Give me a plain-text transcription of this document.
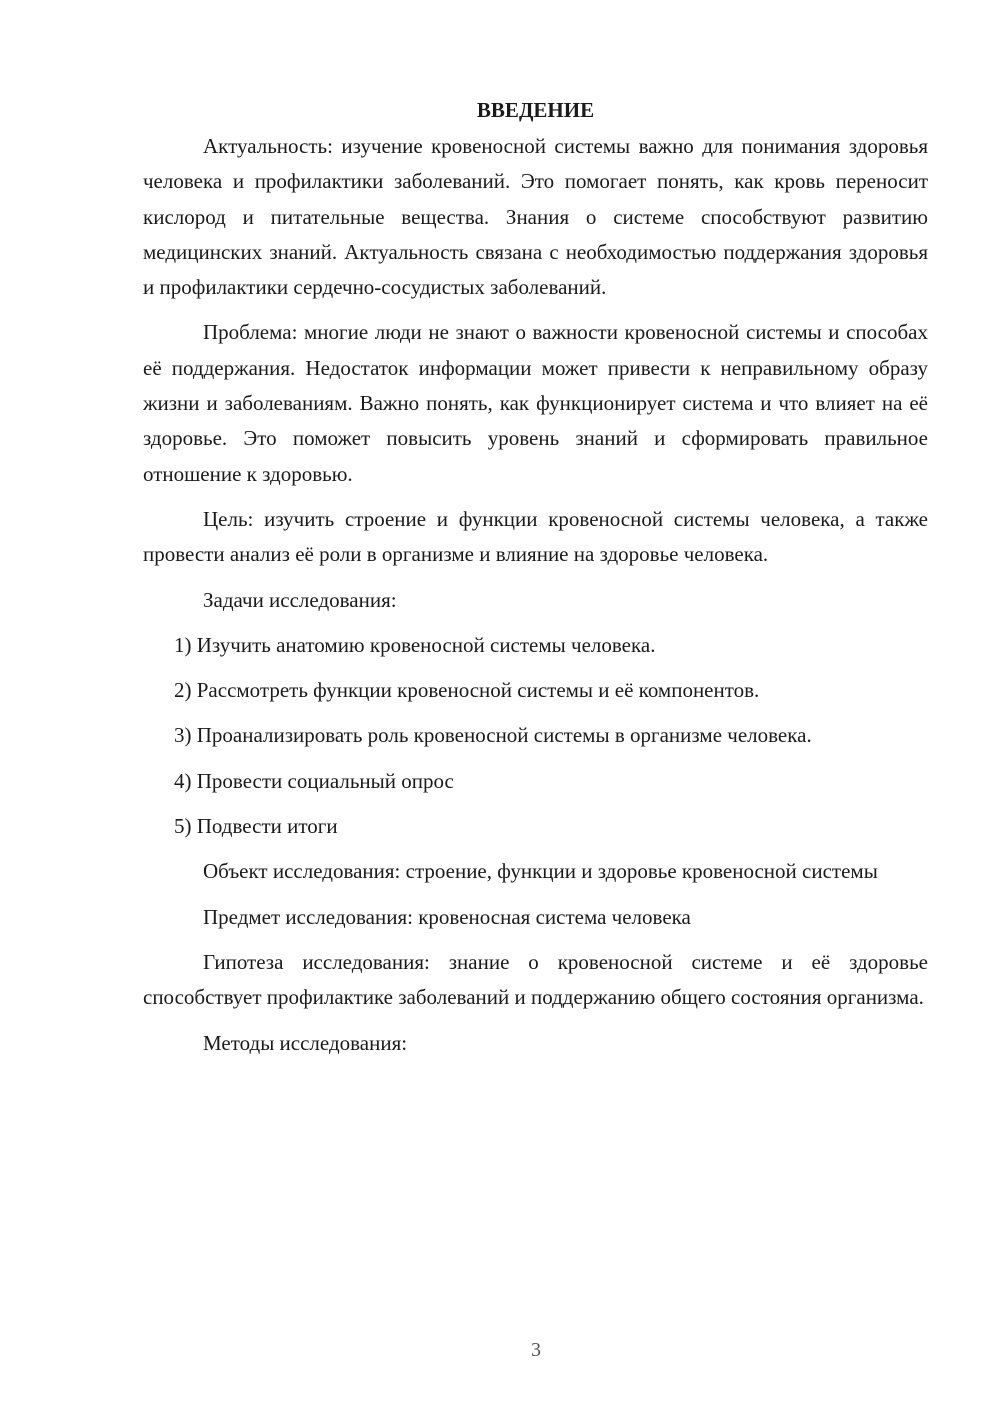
ВВЕДЕНИЕ

Актуальность: изучение кровеносной системы важно для понимания здоровья человека и профилактики заболеваний. Это помогает понять, как кровь переносит кислород и питательные вещества. Знания о системе способствуют развитию медицинских знаний. Актуальность связана с необходимостью поддержания здоровья и профилактики сердечно-сосудистых заболеваний.

Проблема: многие люди не знают о важности кровеносной системы и способах её поддержания. Недостаток информации может привести к неправильному образу жизни и заболеваниям. Важно понять, как функционирует система и что влияет на её здоровье. Это поможет повысить уровень знаний и сформировать правильное отношение к здоровью.

Цель: изучить строение и функции кровеносной системы человека, а также провести анализ её роли в организме и влияние на здоровье человека.

Задачи исследования:

1) Изучить анатомию кровеносной системы человека.

2) Рассмотреть функции кровеносной системы и её компонентов.

3) Проанализировать роль кровеносной системы в организме человека.

4) Провести социальный опрос

5) Подвести итоги

Объект исследования: строение, функции и здоровье кровеносной системы

Предмет исследования: кровеносная система человека

Гипотеза исследования: знание о кровеносной системе и её здоровье способствует профилактике заболеваний и поддержанию общего состояния организма.

Методы исследования:

3
